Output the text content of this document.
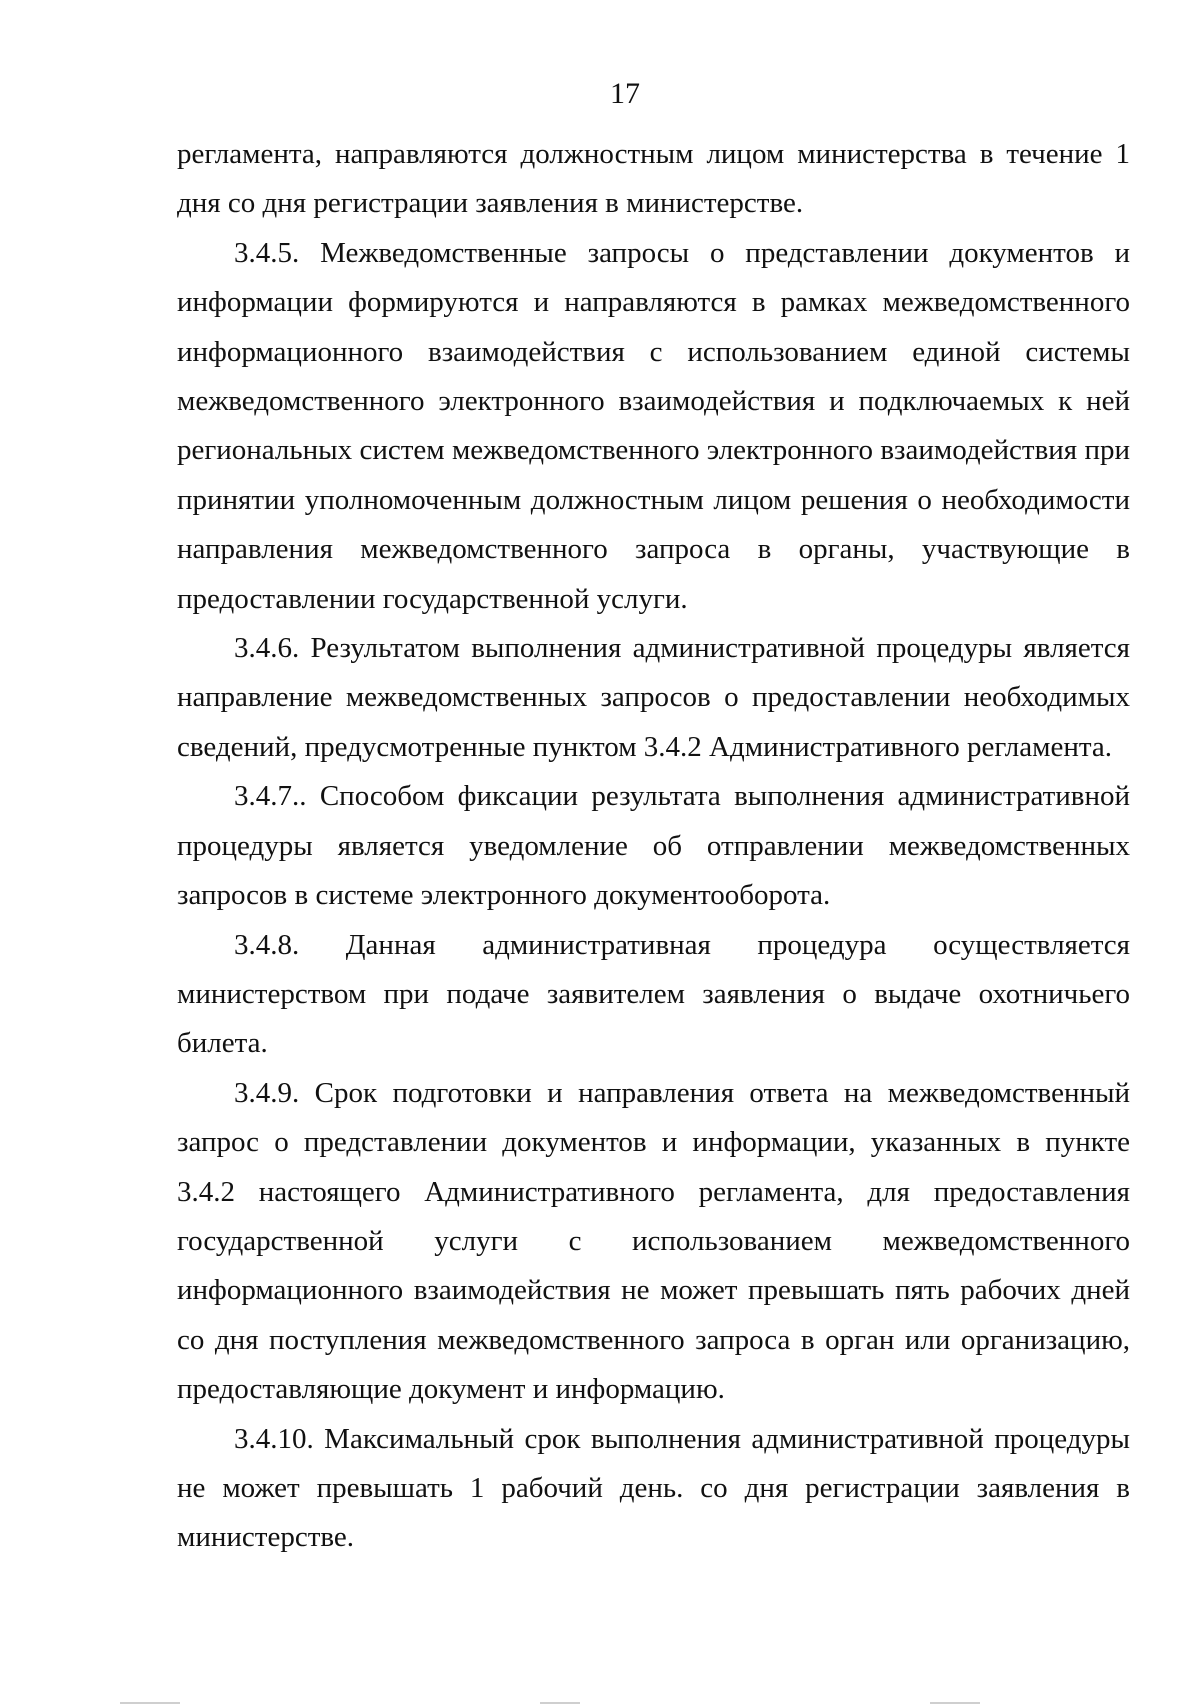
17

регламента, направляются должностным лицом министерства в течение 1 дня со дня регистрации заявления в министерстве.

3.4.5. Межведомственные запросы о представлении документов и информации формируются и направляются в рамках межведомственного информационного взаимодействия с использованием единой системы межведомственного электронного взаимодействия и подключаемых к ней региональных систем межведомственного электронного взаимодействия при принятии уполномоченным должностным лицом решения о необходимости направления межведомственного запроса в органы, участвующие в предоставлении государственной услуги.

3.4.6. Результатом выполнения административной процедуры является направление межведомственных запросов о предоставлении необходимых сведений, предусмотренные пунктом 3.4.2 Административного регламента.

3.4.7.. Способом фиксации результата выполнения административной процедуры является уведомление об отправлении межведомственных запросов в системе электронного документооборота.

3.4.8. Данная административная процедура осуществляется министерством при подаче заявителем заявления о выдаче охотничьего билета.

3.4.9. Срок подготовки и направления ответа на межведомственный запрос о представлении документов и информации, указанных в пункте 3.4.2 настоящего Административного регламента, для предоставления государственной услуги с использованием межведомственного информационного взаимодействия не может превышать пять рабочих дней со дня поступления межведомственного запроса в орган или организацию, предоставляющие документ и информацию.

3.4.10. Максимальный срок выполнения административной процедуры не может превышать 1 рабочий день. со дня регистрации заявления в министерстве.
